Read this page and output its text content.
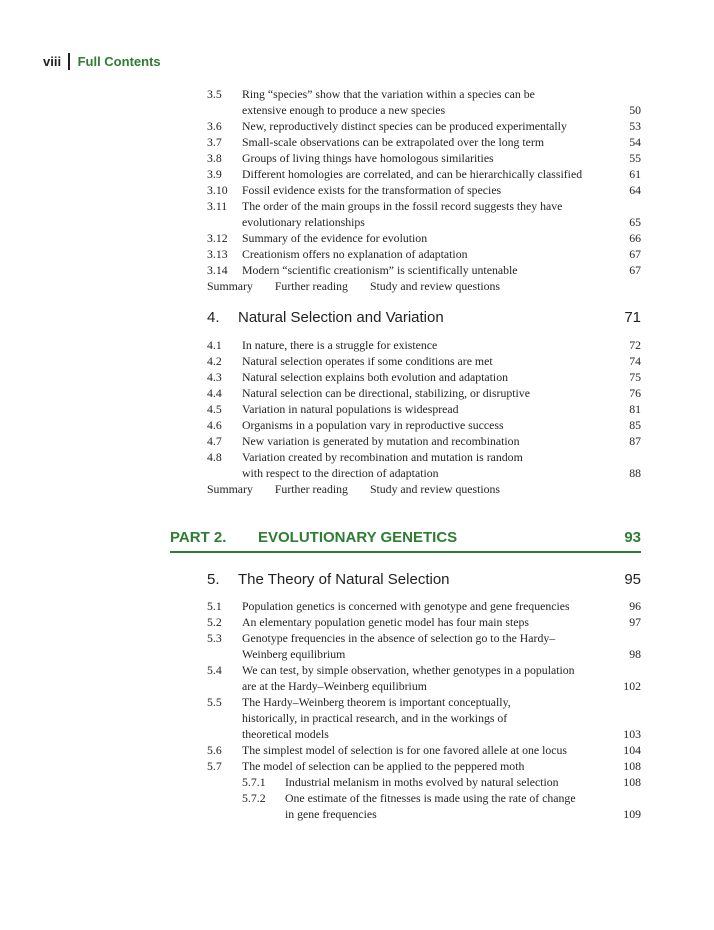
viii Full Contents
3.5 Ring “species” show that the variation within a species can be
extensive enough to produce a new species	50
3.6 New, reproductively distinct species can be produced experimentally	53
3.7 Small-scale observations can be extrapolated over the long term	54
3.8 Groups of living things have homologous similarities	55
3.9 Different homologies are correlated, and can be hierarchically classified	61
3.10 Fossil evidence exists for the transformation of species	64
3.11 The order of the main groups in the fossil record suggests they have
evolutionary relationships	65
3.12 Summary of the evidence for evolution	66
3.13 Creationism offers no explanation of adaptation	67
3.14 Modern “scientific creationism” is scientifically untenable	67
Summary Further reading Study and review questions
4. Natural Selection and Variation	71
4.1 In nature, there is a struggle for existence	72
4.2 Natural selection operates if some conditions are met	74
4.3 Natural selection explains both evolution and adaptation	75
4.4 Natural selection can be directional, stabilizing, or disruptive	76
4.5 Variation in natural populations is widespread	81
4.6 Organisms in a population vary in reproductive success	85
4.7 New variation is generated by mutation and recombination	87
4.8 Variation created by recombination and mutation is random
with respect to the direction of adaptation	88
Summary Further reading Study and review questions
PART 2. EVOLUTIONARY GENETICS	93
5. The Theory of Natural Selection	95
5.1 Population genetics is concerned with genotype and gene frequencies	96
5.2 An elementary population genetic model has four main steps	97
5.3 Genotype frequencies in the absence of selection go to the Hardy–
Weinberg equilibrium	98
5.4 We can test, by simple observation, whether genotypes in a population
are at the Hardy–Weinberg equilibrium	102
5.5 The Hardy–Weinberg theorem is important conceptually,
historically, in practical research, and in the workings of
theoretical models	103
5.6 The simplest model of selection is for one favored allele at one locus	104
5.7 The model of selection can be applied to the peppered moth	108
5.7.1 Industrial melanism in moths evolved by natural selection	108
5.7.2 One estimate of the fitnesses is made using the rate of change
in gene frequencies	109
